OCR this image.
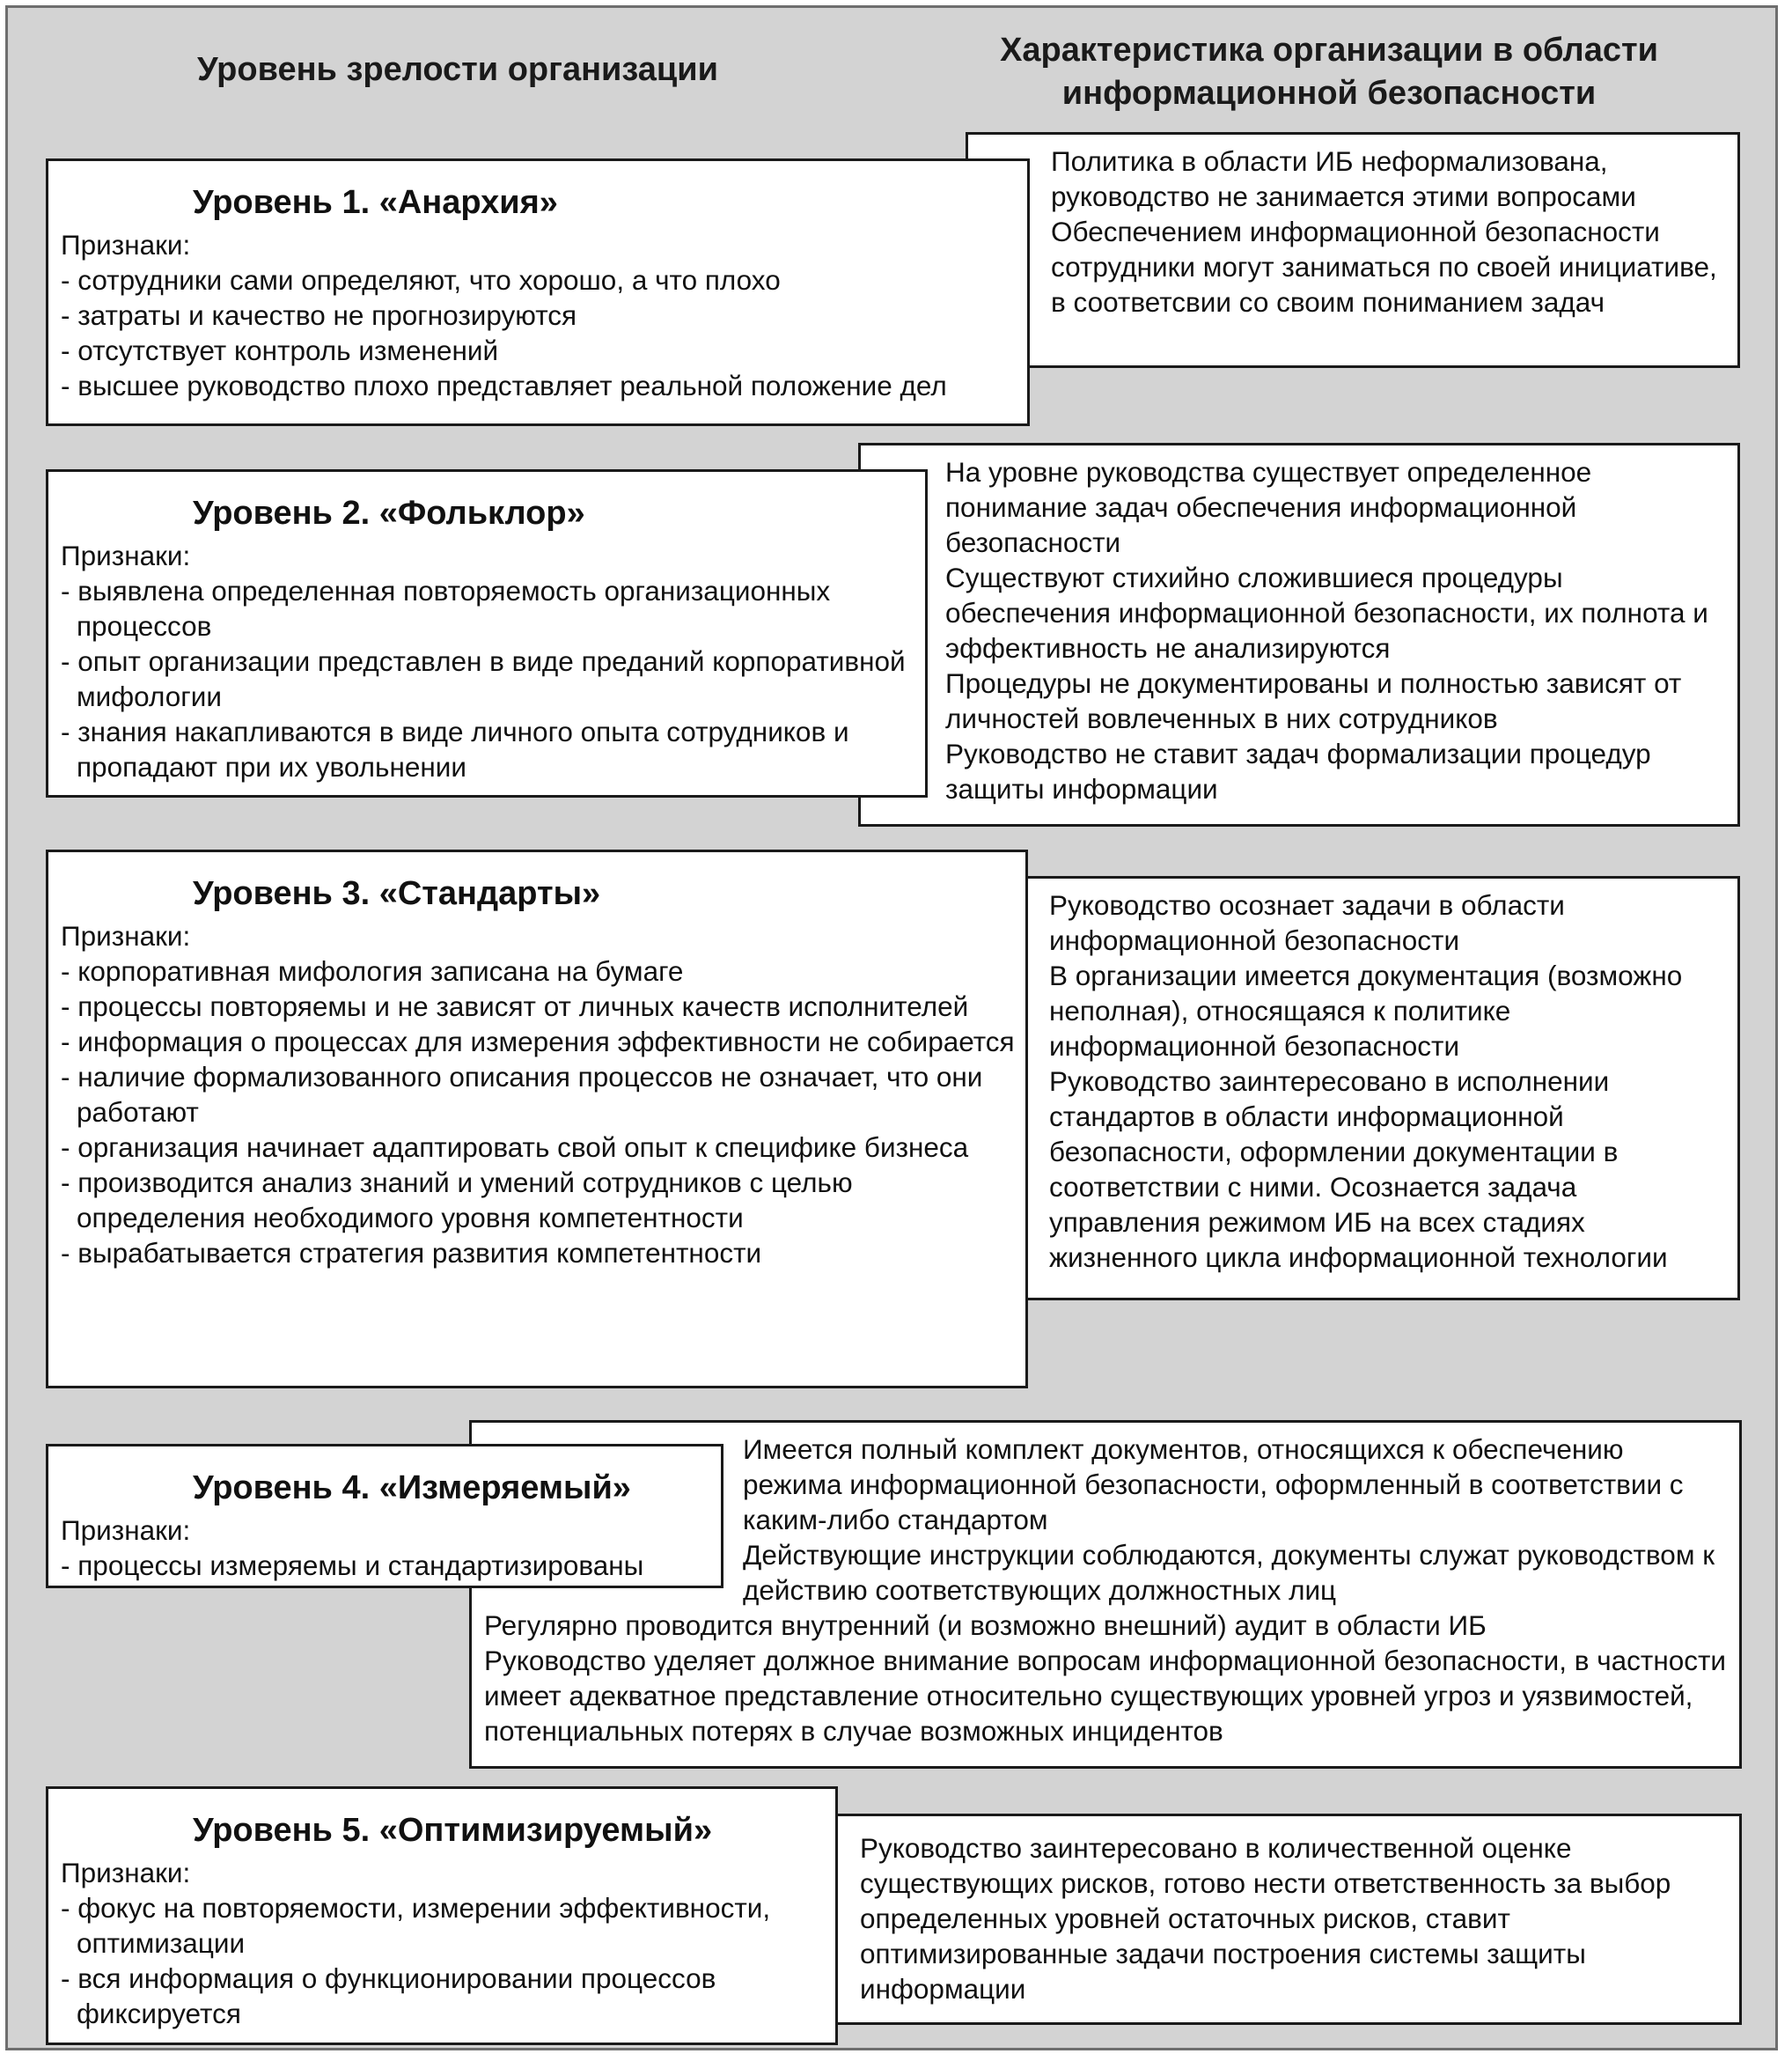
Уровень зрелости организации
Характеристика организации в области информационной безопасности

Политика в области ИБ неформализована, руководство не занимается этими вопросами

Обеспечением информационной безопасности сотрудники могут заниматься по своей инициативе, в соответсвии со своим пониманием задач

Уровень 1. «Анархия»

Признаки:

- сотрудники сами определяют, что хорошо, а что плохо

- затраты и качество не прогнозируются

- отсутствует контроль изменений

- высшее руководство плохо представляет реальной положение дел

На уровне руководства существует определенное понимание задач обеспечения информационной безопасности

Существуют стихийно сложившиеся процедуры обеспечения информационной безопасности, их полнота и эффективность не анализируются

Процедуры не документированы и полностью зависят от личностей вовлеченных в них сотрудников

Руководство не ставит задач формализации процедур защиты информации

Уровень 2. «Фольклор»

Признаки:

- выявлена определенная повторяемость организационных процессов

- опыт организации представлен в виде преданий корпоративной мифологии

- знания накапливаются в виде личного опыта сотрудников и пропадают при их увольнении

Руководство осознает задачи в области информационной безопасности

В организации имеется документация (возможно неполная), относящаяся к политике информационной безопасности

Руководство заинтересовано в исполнении стандартов в области информационной безопасности, оформлении документации в соответствии с ними. Осознается задача управления режимом ИБ на всех стадиях жизненного цикла информационной технологии

Уровень 3. «Стандарты»

Признаки:

- корпоративная мифология записана на бумаге

- процессы повторяемы и не зависят от личных качеств исполнителей

- информация о процессах для измерения эффективности не собирается

- наличие формализованного описания процессов не означает, что они работают

- организация начинает адаптировать свой опыт к специфике бизнеса

- производится анализ знаний и умений сотрудников с целью определения необходимого уровня компетентности

- вырабатывается стратегия развития компетентности

Имеется полный комплект документов, относящихся к обеспечению режима информационной безопасности, оформленный в соответствии с каким-либо стандартом

Действующие инструкции соблюдаются, документы служат руководством к действию соответствующих должностных лиц

Регулярно проводится внутренний (и возможно внешний) аудит в области ИБ

Руководство уделяет должное внимание вопросам информационной безопасности, в частности имеет адекватное представление относительно существующих уровней угроз и уязвимостей, потенциальных потерях в случае возможных инцидентов

Уровень 4. «Измеряемый»

Признаки:

- процессы измеряемы и стандартизированы

Руководство заинтересовано в количественной оценке существующих рисков, готово нести ответственность за выбор определенных уровней остаточных рисков, ставит оптимизированные задачи построения системы защиты информации

Уровень 5. «Оптимизируемый»

Признаки:

- фокус на повторяемости, измерении эффективности, оптимизации

- вся информация о функционировании процессов фиксируется
